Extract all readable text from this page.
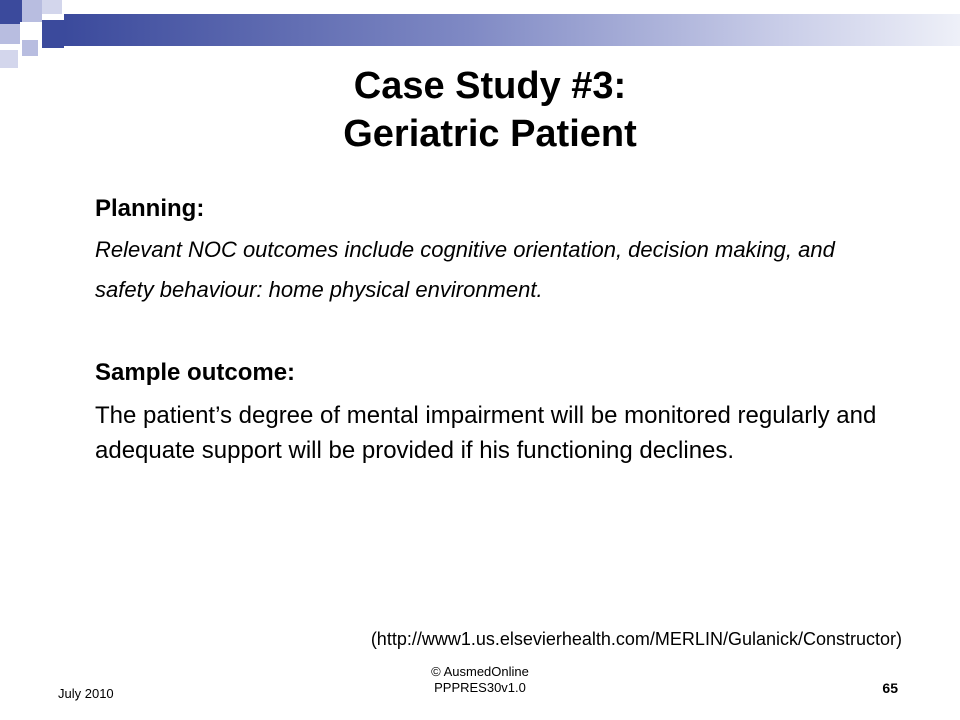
Case Study #3:
Geriatric Patient

Planning:

Relevant NOC outcomes include cognitive orientation, decision making, and

safety behaviour: home physical environment.

Sample outcome:

The patient’s degree of mental impairment will be monitored regularly and adequate support will be provided if his functioning declines.

(http://www1.us.elsevierhealth.com/MERLIN/Gulanick/Constructor)
July 2010
© AusmedOnline
PPPRES30v1.0	65
